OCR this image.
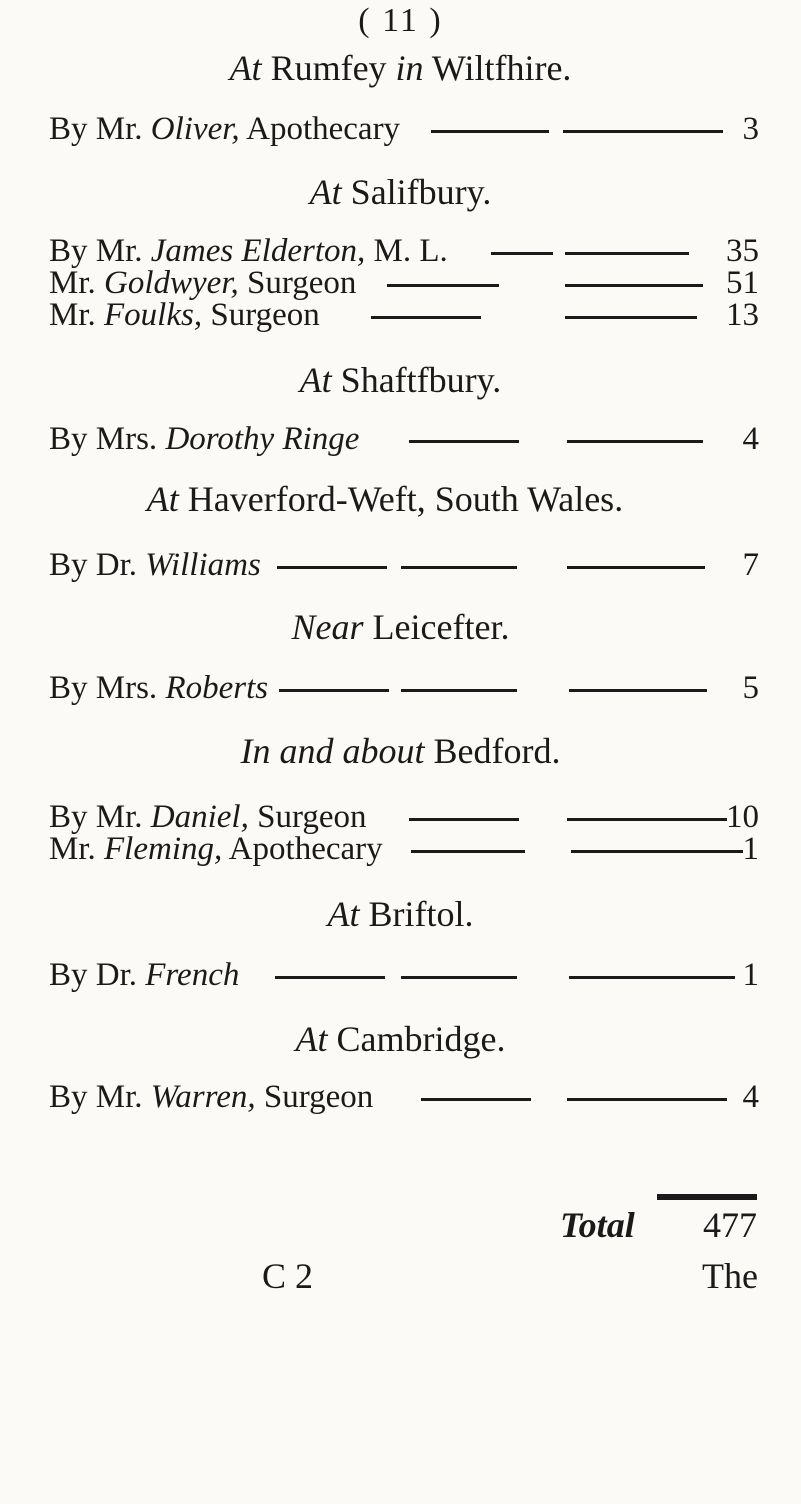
( 11 )
At Rumfey in Wiltfhire.
By Mr. Oliver, Apothecary	3
At Salifbury.
By Mr. James Elderton, M. L.	35
Mr. Goldwyer, Surgeon	51
Mr. Foulks, Surgeon	13
At Shaftfbury.
By Mrs. Dorothy Ringe	4
At Haverford-Weft, South Wales.
By Dr. Williams	7
Near Leicefter.
By Mrs. Roberts	5
In and about Bedford.
By Mr. Daniel, Surgeon	10
Mr. Fleming, Apothecary	1
At Briftol.
By Dr. French	1
At Cambridge.
By Mr. Warren, Surgeon	4
Total 477
C 2	The
